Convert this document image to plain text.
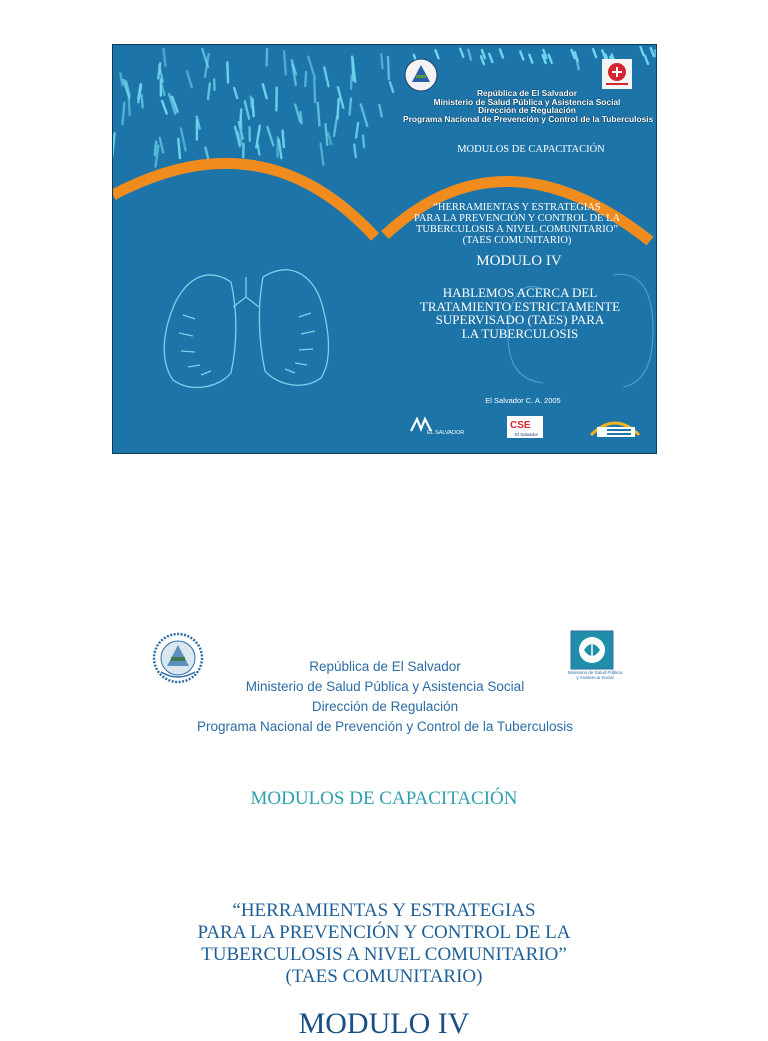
República de El Salvador
Ministerio de Salud Pública y Asistencia Social
Dirección de Regulación
Programa Nacional de Prevención y Control de la Tuberculosis
MODULOS DE CAPACITACIÓN
“HERRAMIENTAS Y ESTRATEGIAS
PARA LA PREVENCIÓN Y CONTROL DE LA
TUBERCULOSIS A NIVEL COMUNITARIO”
(TAES COMUNITARIO)
MODULO IV
HABLEMOS ACERCA DEL
TRATAMIENTO ESTRICTAMENTE
SUPERVISADO (TAES) PARA
LA TUBERCULOSIS
El Salvador C. A. 2005
EL SALVADOR
CSE
El Salvador
Ministerio de Salud Pública
y Asistencia Social
República de El Salvador
Ministerio de Salud Pública y Asistencia Social
Dirección de Regulación
Programa Nacional de Prevención y Control de la Tuberculosis
MODULOS DE CAPACITACIÓN
“HERRAMIENTAS Y ESTRATEGIAS
PARA LA PREVENCIÓN Y CONTROL DE LA
TUBERCULOSIS A NIVEL COMUNITARIO”
(TAES COMUNITARIO)
MODULO IV
